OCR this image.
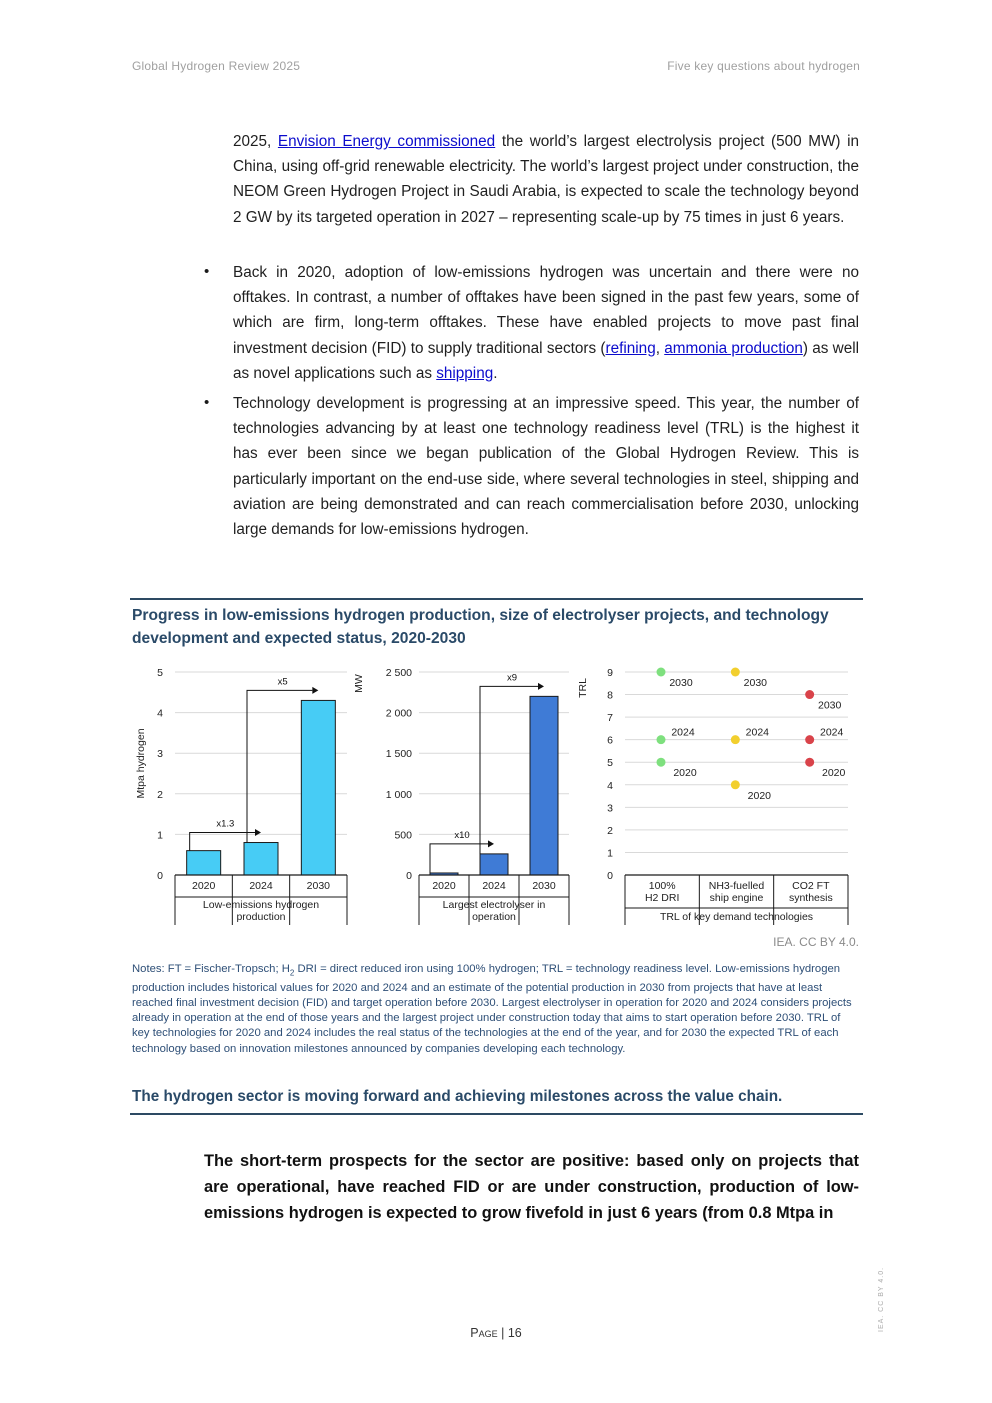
Global Hydrogen Review 2025	Five key questions about hydrogen
2025, Envision Energy commissioned the world’s largest electrolysis project (500 MW) in China, using off-grid renewable electricity. The world’s largest project under construction, the NEOM Green Hydrogen Project in Saudi Arabia, is expected to scale the technology beyond 2 GW by its targeted operation in 2027 – representing scale-up by 75 times in just 6 years.
• Back in 2020, adoption of low-emissions hydrogen was uncertain and there were no offtakes. In contrast, a number of offtakes have been signed in the past few years, some of which are firm, long-term offtakes. These have enabled projects to move past final investment decision (FID) to supply traditional sectors (refining, ammonia production) as well as novel applications such as shipping.
• Technology development is progressing at an impressive speed. This year, the number of technologies advancing by at least one technology readiness level (TRL) is the highest it has ever been since we began publication of the Global Hydrogen Review. This is particularly important on the end-use side, where several technologies in steel, shipping and aviation are being demonstrated and can reach commercialisation before 2030, unlocking large demands for low-emissions hydrogen.
Progress in low-emissions hydrogen production, size of electrolyser projects, and technology development and expected status, 2020-2030
0
1
2
3
4
5
Mtpa hydrogen
2020	2024	2030
Low-emissions hydrogen production
x1.3
x5
0
500
1 000
1 500
2 000
2 500
MW
2020	2024	2030
Largest electrolyser in operation
x10
x9
0
1
2
3
4
5
6
7
8
9
TRL
2020
2024
2030
100% H2 DRI
2020
2024
2030
NH3-fuelled ship engine
2020
2024
2030
CO2 FT synthesis
TRL of key demand technologies
IEA. CC BY 4.0.
Notes: FT = Fischer-Tropsch; $H_2$ DRI = direct reduced iron using 100% hydrogen; TRL = technology readiness level. Low-emissions hydrogen production includes historical values for 2020 and 2024 and an estimate of the potential production in 2030 from projects that have at least reached final investment decision (FID) and target operation before 2030. Largest electrolyser in operation for 2020 and 2024 considers projects already in operation at the end of those years and the largest project under construction today that aims to start operation before 2030. TRL of key technologies for 2020 and 2024 includes the real status of the technologies at the end of the year, and for 2030 the expected TRL of each technology based on innovation milestones announced by companies developing each technology.
The hydrogen sector is moving forward and achieving milestones across the value chain.
The short-term prospects for the sector are positive: based only on projects that are operational, have reached FID or are under construction, production of low-emissions hydrogen is expected to grow fivefold in just 6 years (from 0.8 Mtpa in
Page | 16
IEA. CC BY 4.0.
